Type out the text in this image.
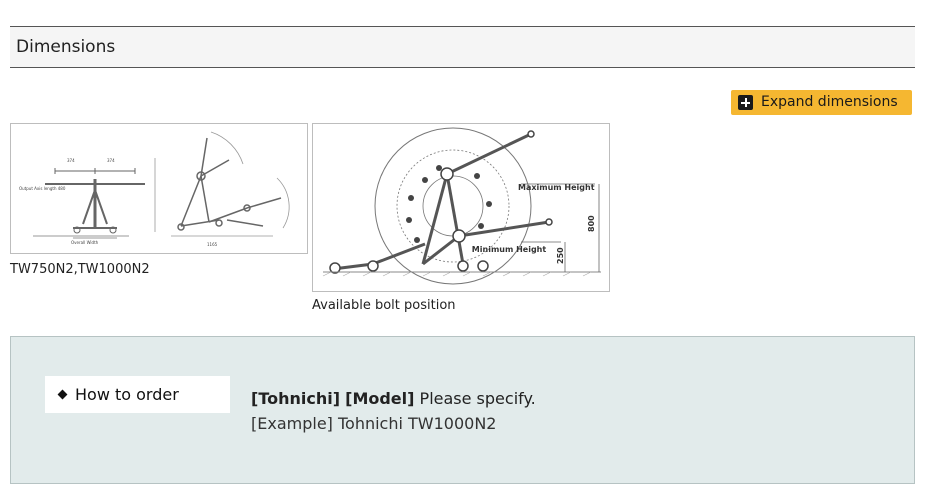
Dimensions
Expand dimensions
374	374
Output Axis length 480
Overall Width	1165
TW750N2,TW1000N2
Maximum Height
Minimum Height
800
250
Available bolt position
How to order	[Tohnichi] [Model] Please specify.
[Example] Tohnichi TW1000N2
